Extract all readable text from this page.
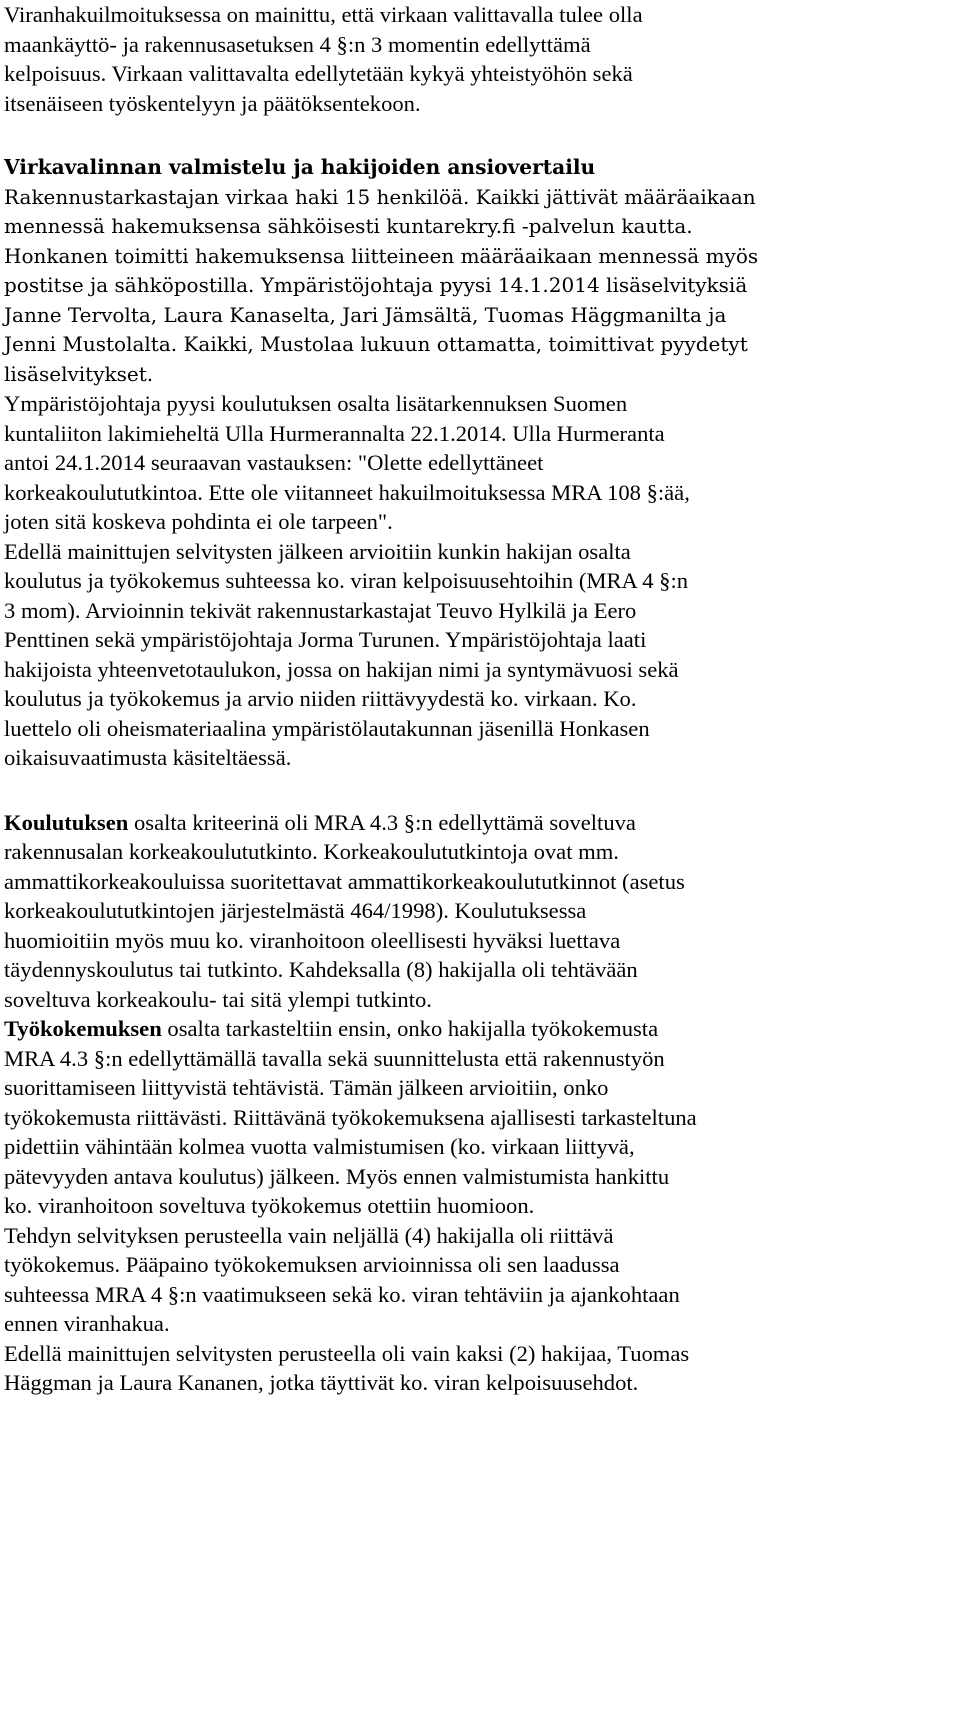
Viranhakuilmoituksessa on mainittu, että virkaan valittavalla tulee olla

maankäyttö- ja rakennusasetuksen 4 §:n 3 momentin edellyttämä

kelpoisuus. Virkaan valittavalta edellytetään kykyä yhteistyöhön sekä

itsenäiseen työskentelyyn ja päätöksentekoon.

Virkavalinnan valmistelu ja hakijoiden ansiovertailu

Rakennustarkastajan virkaa haki 15 henkilöä. Kaikki jättivät määräaikaan

mennessä hakemuksensa sähköisesti kuntarekry.fi -palvelun kautta.

Honkanen toimitti hakemuksensa liitteineen määräaikaan mennessä myös

postitse ja sähköpostilla. Ympäristöjohtaja pyysi 14.1.2014 lisäselvityksiä

Janne Tervolta, Laura Kanaselta, Jari Jämsältä, Tuomas Häggmanilta ja

Jenni Mustolalta. Kaikki, Mustolaa lukuun ottamatta, toimittivat pyydetyt

lisäselvitykset.

Ympäristöjohtaja pyysi koulutuksen osalta lisätarkennuksen Suomen

kuntaliiton lakimieheltä Ulla Hurmerannalta 22.1.2014. Ulla Hurmeranta

antoi 24.1.2014 seuraavan vastauksen: "Olette edellyttäneet

korkeakoulututkintoa. Ette ole viitanneet hakuilmoituksessa MRA 108 §:ää,

joten sitä koskeva pohdinta ei ole tarpeen".

Edellä mainittujen selvitysten jälkeen arvioitiin kunkin hakijan osalta

koulutus ja työkokemus suhteessa ko. viran kelpoisuusehtoihin (MRA 4 §:n

3 mom). Arvioinnin tekivät rakennustarkastajat Teuvo Hylkilä ja Eero

Penttinen sekä ympäristöjohtaja Jorma Turunen. Ympäristöjohtaja laati

hakijoista yhteenvetotaulukon, jossa on hakijan nimi ja syntymävuosi sekä

koulutus ja työkokemus ja arvio niiden riittävyydestä ko. virkaan. Ko.

luettelo oli oheismateriaalina ympäristölautakunnan jäsenillä Honkasen

oikaisuvaatimusta käsiteltäessä.

Koulutuksen osalta kriteerinä oli MRA 4.3 §:n edellyttämä soveltuva

rakennusalan korkeakoulututkinto. Korkeakoulututkintoja ovat mm.

ammattikorkeakouluissa suoritettavat ammattikorkeakoulututkinnot (asetus

korkeakoulututkintojen järjestelmästä 464/1998). Koulutuksessa

huomioitiin myös muu ko. viranhoitoon oleellisesti hyväksi luettava

täydennyskoulutus tai tutkinto. Kahdeksalla (8) hakijalla oli tehtävään

soveltuva korkeakoulu- tai sitä ylempi tutkinto.

Työkokemuksen osalta tarkasteltiin ensin, onko hakijalla työkokemusta

MRA 4.3 §:n edellyttämällä tavalla sekä suunnittelusta että rakennustyön

suorittamiseen liittyvistä tehtävistä. Tämän jälkeen arvioitiin, onko

työkokemusta riittävästi. Riittävänä työkokemuksena ajallisesti tarkasteltuna

pidettiin vähintään kolmea vuotta valmistumisen (ko. virkaan liittyvä,

pätevyyden antava koulutus) jälkeen. Myös ennen valmistumista hankittu

ko. viranhoitoon soveltuva työkokemus otettiin huomioon.

Tehdyn selvityksen perusteella vain neljällä (4) hakijalla oli riittävä

työkokemus. Pääpaino työkokemuksen arvioinnissa oli sen laadussa

suhteessa MRA 4 §:n vaatimukseen sekä ko. viran tehtäviin ja ajankohtaan

ennen viranhakua.

Edellä mainittujen selvitysten perusteella oli vain kaksi (2) hakijaa, Tuomas

Häggman ja Laura Kananen, jotka täyttivät ko. viran kelpoisuusehdot.
